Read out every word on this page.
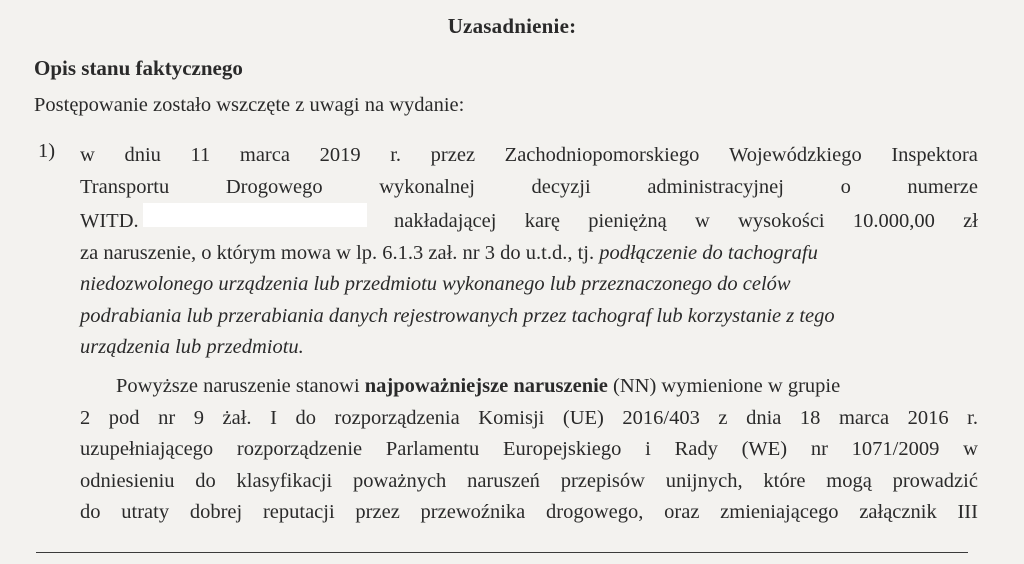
Uzasadnienie:
Opis stanu faktycznego
Postępowanie zostało wszczęte z uwagi na wydanie:
1) w dniu 11 marca 2019 r. przez Zachodniopomorskiego Wojewódzkiego Inspektora
Transportu	Drogowego	wykonalnej	decyzji	administracyjnej	o	numerze
WITD.	nakładającej karę pieniężną w wysokości 10.000,00 zł
za naruszenie, o którym mowa w lp. 6.1.3 zał. nr 3 do u.t.d., tj. podłączenie do tachografu
niedozwolonego urządzenia lub przedmiotu wykonanego lub przeznaczonego do celów
podrabiania lub przerabiania danych rejestrowanych przez tachograf lub korzystanie z tego
urządzenia lub przedmiotu.
Powyższe naruszenie stanowi najpoważniejsze naruszenie (NN) wymienione w grupie
2 pod nr 9 żał. I do rozporządzenia Komisji (UE) 2016/403 z dnia 18 marca 2016 r.
uzupełniającego rozporządzenie Parlamentu Europejskiego i Rady (WE) nr 1071/2009 w
odniesieniu do klasyfikacji poważnych naruszeń przepisów unijnych, które mogą prowadzić
do utraty dobrej reputacji przez przewoźnika drogowego, oraz zmieniającego załącznik III
